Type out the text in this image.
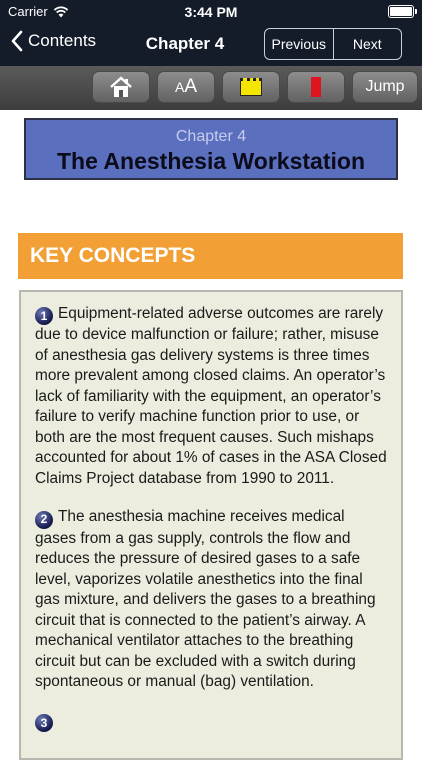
Carrier	3:44 PM
Contents	Chapter 4	Previous	Next
AA	Jump
Chapter 4
The Anesthesia Workstation
KEY CONCEPTS

1 Equipment-related adverse outcomes are rarely due to device malfunction or failure; rather, misuse of anesthesia gas delivery systems is three times more prevalent among closed claims. An operator’s lack of familiarity with the equipment, an operator’s failure to verify machine function prior to use, or both are the most frequent causes. Such mishaps accounted for about 1% of cases in the ASA Closed Claims Project database from 1990 to 2011.

2 The anesthesia machine receives medical gases from a gas supply, controls the flow and reduces the pressure of desired gases to a safe level, vaporizes volatile anesthetics into the final gas mixture, and delivers the gases to a breathing circuit that is connected to the patient’s airway. A mechanical ventilator attaches to the breathing circuit but can be excluded with a switch during spontaneous or manual (bag) ventilation.

3
